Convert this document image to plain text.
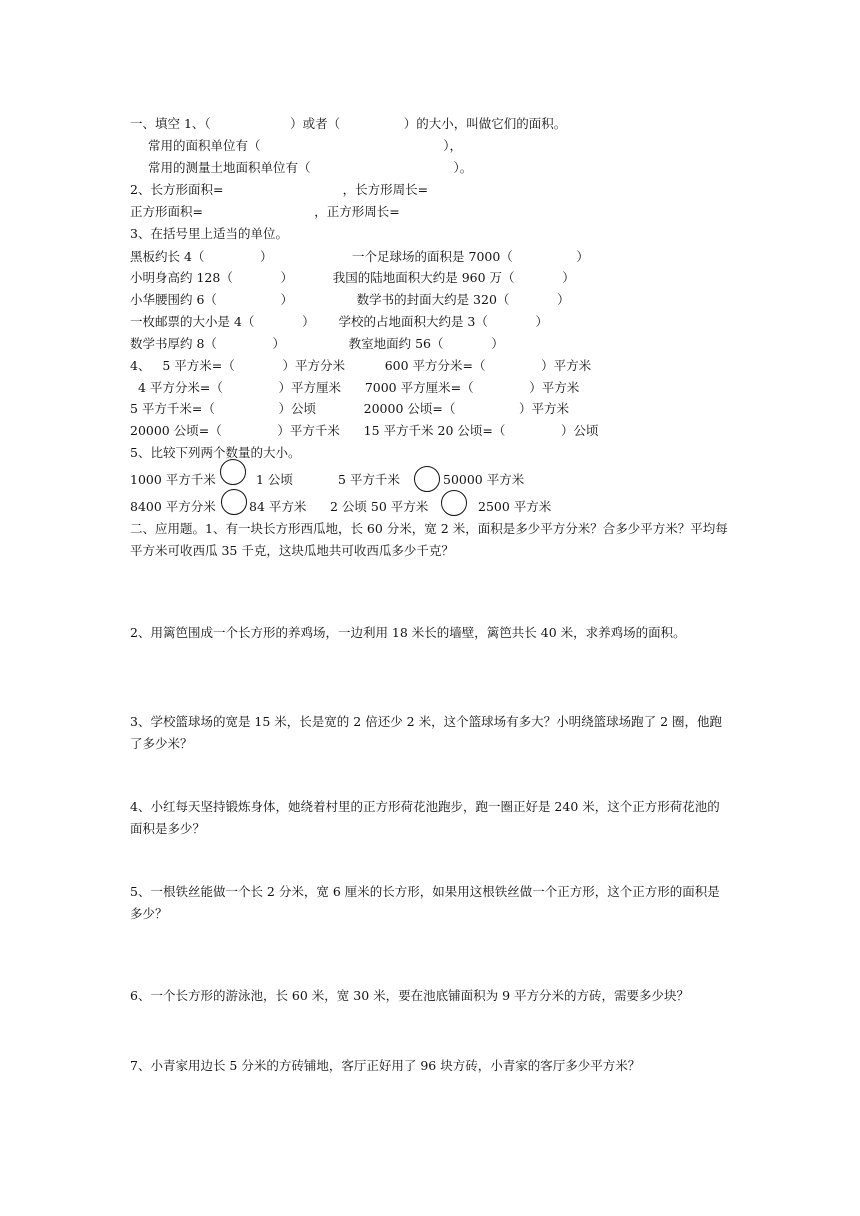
一、填空 1、（                    ）或者（                ）的大小，叫做它们的面积。
常用的面积单位有（                                              ），
常用的测量土地面积单位有（                                    ）。
2、长方形面积=                              ，长方形周长=
正方形面积=                            ，正方形周长=
3、在括号里上适当的单位。
黑板约长 4（              ）                    一个足球场的面积是 7000（                ）
小明身高约 128（            ）          我国的陆地面积大约是 960 万（            ）
小华腰围约 6（                ）                数学书的封面大约是 320（            ）
一枚邮票的大小是 4（            ）      学校的占地面积大约是 3（            ）
数学书厚约 8（              ）                教室地面约 56（            ）
4、   5 平方米=（            ）平方分米          600 平方分米=（              ）平方米
4 平方分米=（              ）平方厘米      7000 平方厘米=（              ）平方米
5 平方千米=（                ）公顷            20000 公顷=（                ）平方米
20000 公顷=（              ）平方千米      15 平方千米 20 公顷=（              ）公顷
5、比较下列两个数量的大小。
1000 平方千米	1 公顷	5 平方千米	50000 平方米
8400 平方分米	84 平方米 2 公顷 50 平方米	2500 平方米
二、应用题。1、有一块长方形西瓜地，长 60 分米，宽 2 米，面积是多少平方分米？合多少平方米？平均每平方米可收西瓜 35 千克，这块瓜地共可收西瓜多少千克？
2、用篱笆围成一个长方形的养鸡场，一边利用 18 米长的墙壁，篱笆共长 40 米，求养鸡场的面积。
3、学校篮球场的宽是 15 米，长是宽的 2 倍还少 2 米，这个篮球场有多大？小明绕篮球场跑了 2 圈，他跑了多少米？
4、小红每天坚持锻炼身体，她绕着村里的正方形荷花池跑步，跑一圈正好是 240 米，这个正方形荷花池的面积是多少？
5、一根铁丝能做一个长 2 分米，宽 6 厘米的长方形，如果用这根铁丝做一个正方形，这个正方形的面积是多少？
6、一个长方形的游泳池，长 60 米，宽 30 米，要在池底铺面积为 9 平方分米的方砖，需要多少块？
7、小青家用边长 5 分米的方砖铺地，客厅正好用了 96 块方砖，小青家的客厅多少平方米？
